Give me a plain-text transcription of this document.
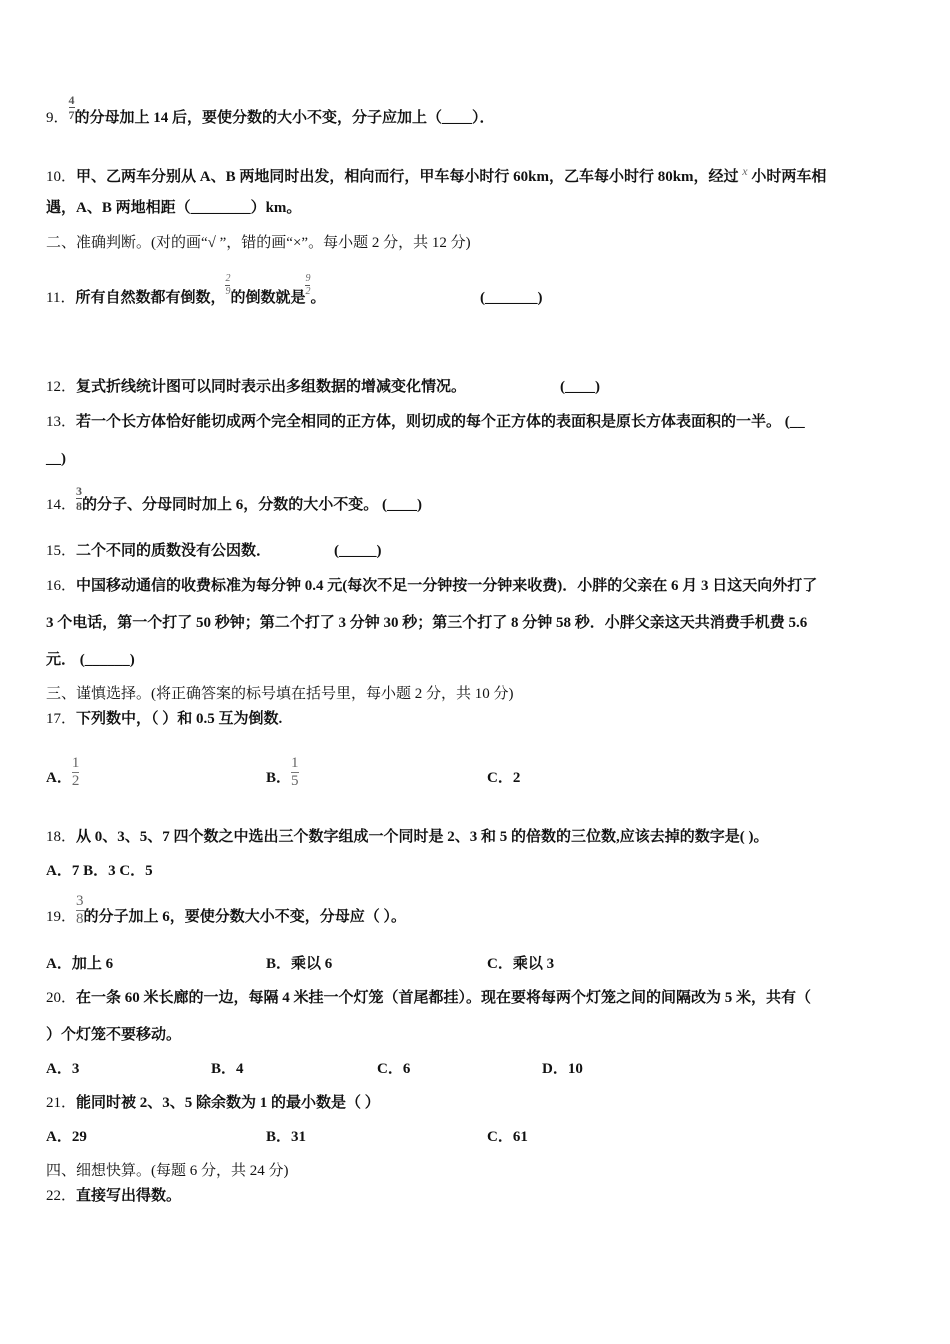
9． $\frac{4}{7}$ 的分母加上 14 后，要使分数的大小不变，分子应加上（____）．
10．甲、乙两车分别从 A、B 两地同时出发，相向而行，甲车每小时行 60km，乙车每小时行 80km，经过 $^x$ 小时两车相
遇，A、B 两地相距（________）km。
二、准确判断。(对的画“√ ”，错的画“×”。每小题 2 分，共 12 分)
11．所有自然数都有倒数，
$\frac{2}{9}$
的倒数就是
$\frac{9}{2}$
。	(_______)
12．复式折线统计图可以同时表示出多组数据的增减变化情况。	(____)
13．若一个长方体恰好能切成两个完全相同的正方体，则切成的每个正方体的表面积是原长方体表面积的一半。 (__
__)
14． $\frac{3}{8}$ 的分子、分母同时加上 6，分数的大小不变。 (____)
15．二个不同的质数没有公因数．	(_____)
16．中国移动通信的收费标准为每分钟 0.4 元(每次不足一分钟按一分钟来收费)．小胖的父亲在 6 月 3 日这天向外打了
3 个电话，第一个打了 50 秒钟；第二个打了 3 分钟 30 秒；第三个打了 8 分钟 58 秒．小胖父亲这天共消费手机费 5.6
元． (______)
三、谨慎选择。(将正确答案的标号填在括号里，每小题 2 分，共 10 分)
17．下列数中，（ ）和 0.5 互为倒数.
A． $\frac{1}{2}$	B． $\frac{1}{5}$	C．2
18．从 0、3、5、7 四个数之中选出三个数字组成一个同时是 2、3 和 5 的倍数的三位数,应该去掉的数字是( )。
A．7 B．3 C．5
19． $\frac{3}{8}$ 的分子加上 6，要使分数大小不变，分母应（ ）。
A．加上 6	B．乘以 6	C．乘以 3
20．在一条 60 米长廊的一边，每隔 4 米挂一个灯笼（首尾都挂）。现在要将每两个灯笼之间的间隔改为 5 米，共有（
）个灯笼不要移动。
A．3	B．4	C．6	D．10
21．能同时被 2、3、5 除余数为 1 的最小数是（ ）
A．29	B．31	C．61
四、细想快算。(每题 6 分，共 24 分)
22．直接写出得数。
